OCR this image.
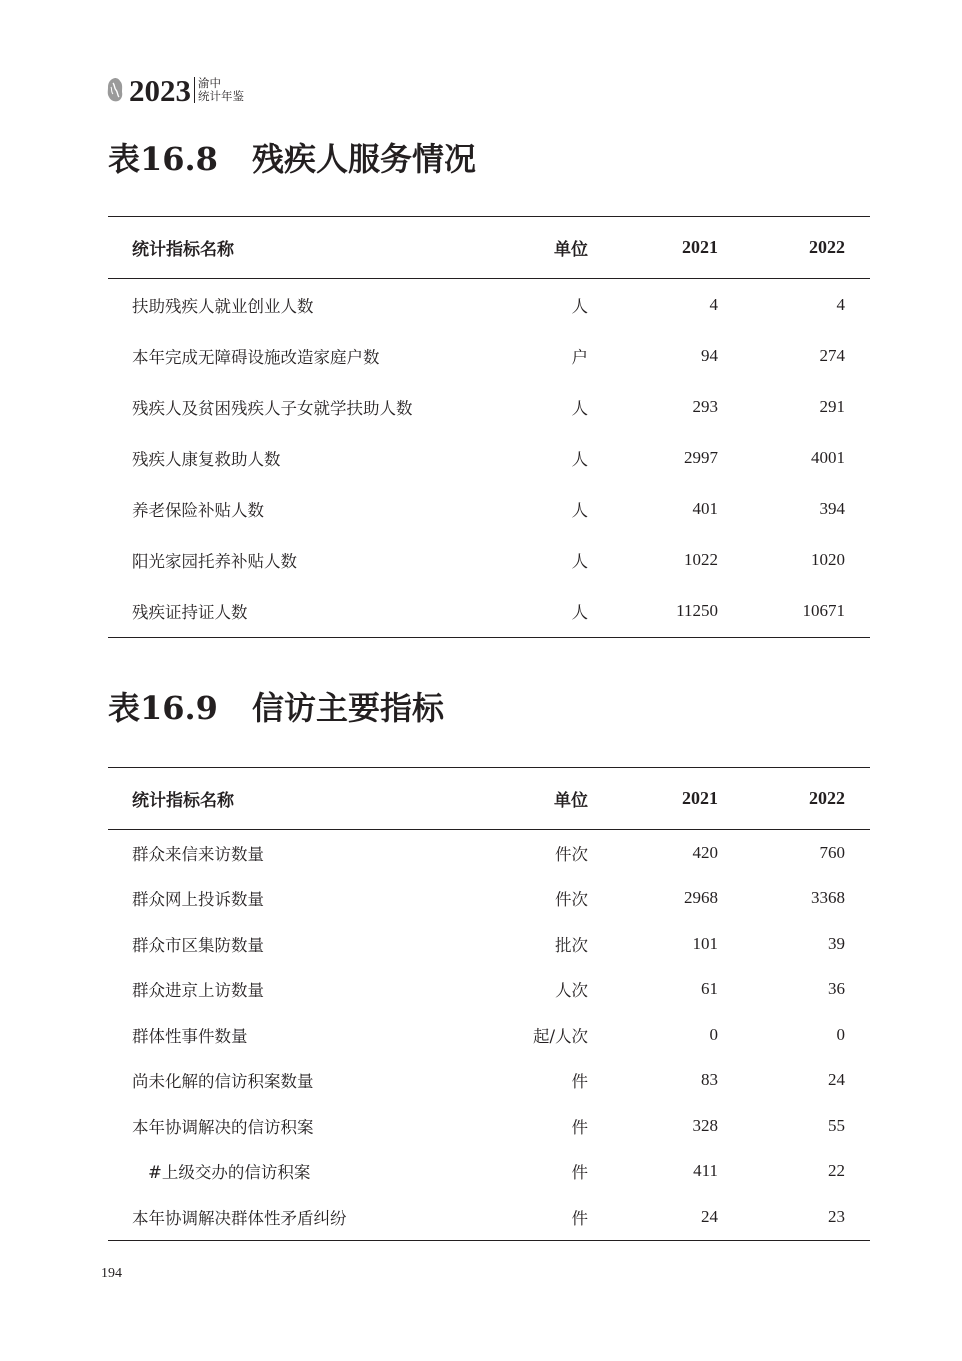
2023 渝中
统计年鉴
表16.8 残疾人服务情况
统计指标名称	单位	2021	2022
扶助残疾人就业创业人数	人	4	4
本年完成无障碍设施改造家庭户数	户	94	274
残疾人及贫困残疾人子女就学扶助人数	人	293	291
残疾人康复救助人数	人	2997	4001
养老保险补贴人数	人	401	394
阳光家园托养补贴人数	人	1022	1020
残疾证持证人数	人	11250	10671
表16.9 信访主要指标
统计指标名称	单位	2021	2022
群众来信来访数量	件次	420	760
群众网上投诉数量	件次	2968	3368
群众市区集防数量	批次	101	39
群众进京上访数量	人次	61	36
群体性事件数量	起/人次	0	0
尚未化解的信访积案数量	件	83	24
本年协调解决的信访积案	件	328	55
#上级交办的信访积案	件	411	22
本年协调解决群体性矛盾纠纷	件	24	23
194
